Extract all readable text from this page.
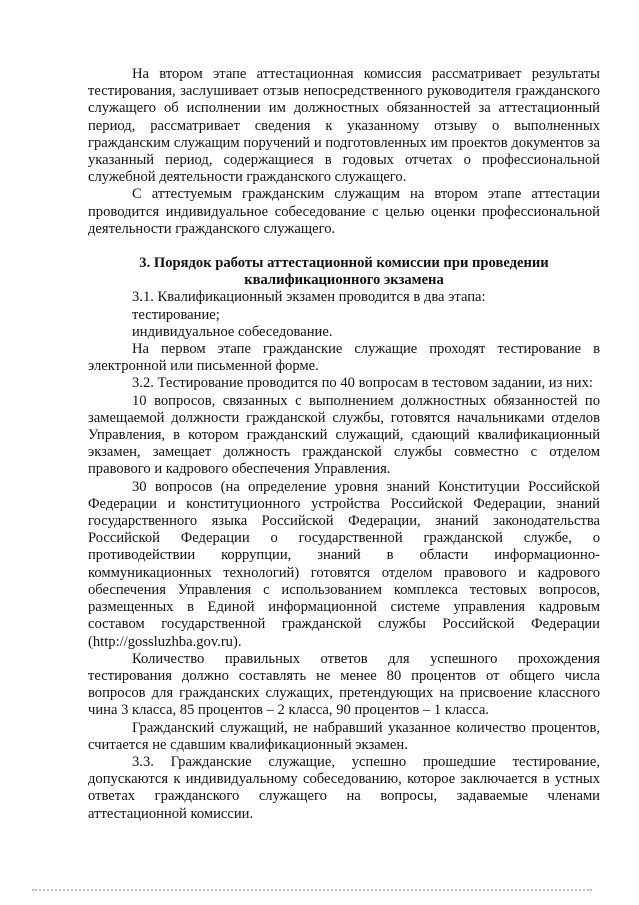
На втором этапе аттестационная комиссия рассматривает результаты тестирования, заслушивает отзыв непосредственного руководителя гражданского служащего об исполнении им должностных обязанностей за аттестационный период, рассматривает сведения к указанному отзыву о выполненных гражданским служащим поручений и подготовленных им проектов документов за указанный период, содержащиеся в годовых отчетах о профессиональной служебной деятельности гражданского служащего.

С аттестуемым гражданским служащим на втором этапе аттестации проводится индивидуальное собеседование с целью оценки профессиональной деятельности гражданского служащего.

3. Порядок работы аттестационной комиссии при проведении квалификационного экзамена

3.1. Квалификационный экзамен проводится в два этапа:

тестирование;

индивидуальное собеседование.

На первом этапе гражданские служащие проходят тестирование в электронной или письменной форме.

3.2. Тестирование проводится по 40 вопросам в тестовом задании, из них:

10 вопросов, связанных с выполнением должностных обязанностей по замещаемой должности гражданской службы, готовятся начальниками отделов Управления, в котором гражданский служащий, сдающий квалификационный экзамен, замещает должность гражданской службы совместно с отделом правового и кадрового обеспечения Управления.

30 вопросов (на определение уровня знаний Конституции Российской Федерации и конституционного устройства Российской Федерации, знаний государственного языка Российской Федерации, знаний законодательства Российской Федерации о государственной гражданской службе, о противодействии коррупции, знаний в области информационно-коммуникационных технологий) готовятся отделом правового и кадрового обеспечения Управления с использованием комплекса тестовых вопросов, размещенных в Единой информационной системе управления кадровым составом государственной гражданской службы Российской Федерации (http://gossluzhba.gov.ru).

Количество правильных ответов для успешного прохождения тестирования должно составлять не менее 80 процентов от общего числа вопросов для гражданских служащих, претендующих на присвоение классного чина 3 класса, 85 процентов – 2 класса, 90 процентов – 1 класса.

Гражданский служащий, не набравший указанное количество процентов, считается не сдавшим квалификационный экзамен.

3.3. Гражданские служащие, успешно прошедшие тестирование, допускаются к индивидуальному собеседованию, которое заключается в устных ответах гражданского служащего на вопросы, задаваемые членами аттестационной комиссии.
